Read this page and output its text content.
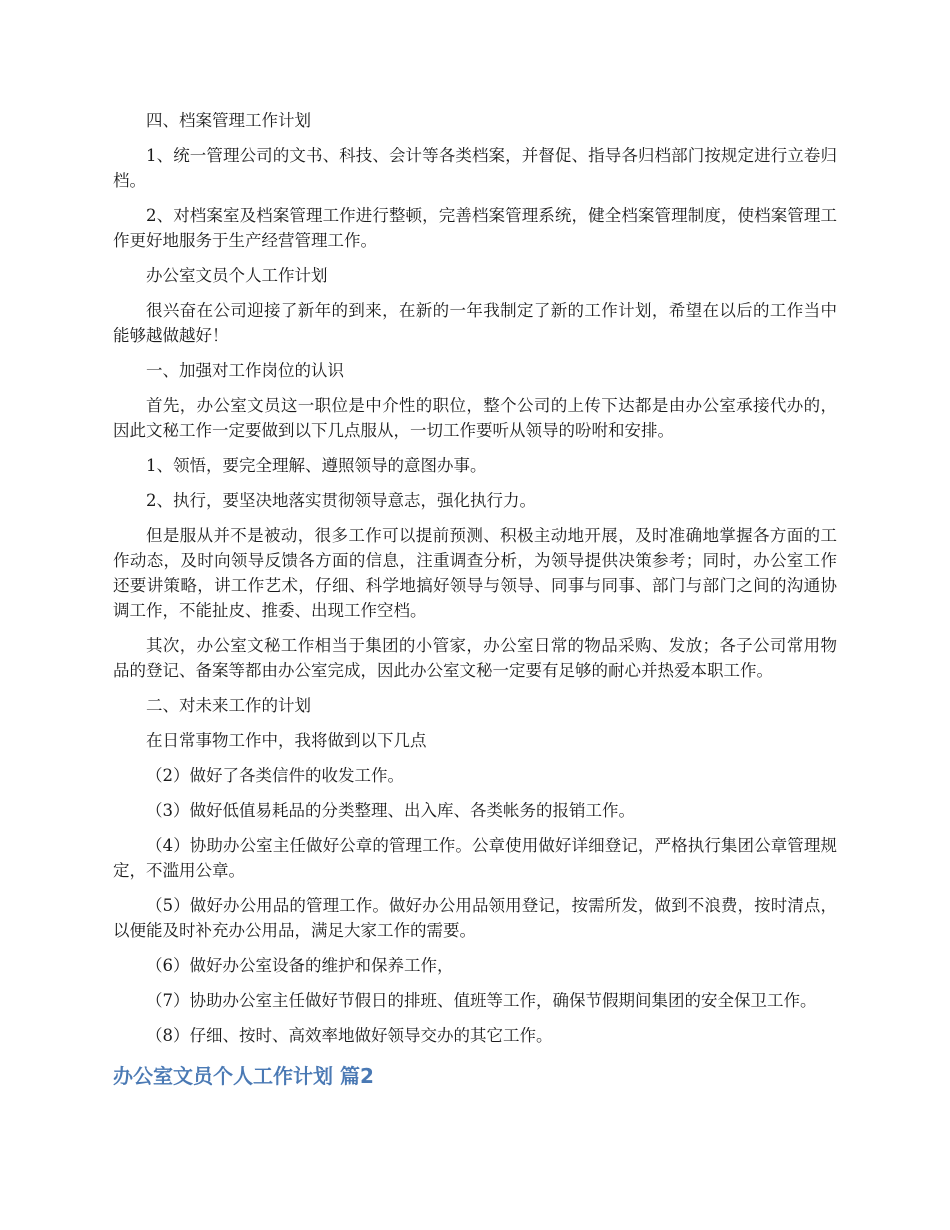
四、档案管理工作计划

1、统一管理公司的文书、科技、会计等各类档案，并督促、指导各归档部门按规定进行立卷归档。

2、对档案室及档案管理工作进行整顿，完善档案管理系统，健全档案管理制度，使档案管理工作更好地服务于生产经营管理工作。

办公室文员个人工作计划

很兴奋在公司迎接了新年的到来，在新的一年我制定了新的工作计划，希望在以后的工作当中能够越做越好！

一、加强对工作岗位的认识

首先，办公室文员这一职位是中介性的职位，整个公司的上传下达都是由办公室承接代办的，因此文秘工作一定要做到以下几点服从，一切工作要听从领导的吩咐和安排。

1、领悟，要完全理解、遵照领导的意图办事。

2、执行，要坚决地落实贯彻领导意志，强化执行力。

但是服从并不是被动，很多工作可以提前预测、积极主动地开展，及时准确地掌握各方面的工作动态，及时向领导反馈各方面的信息，注重调查分析，为领导提供决策参考；同时，办公室工作还要讲策略，讲工作艺术，仔细、科学地搞好领导与领导、同事与同事、部门与部门之间的沟通协调工作，不能扯皮、推委、出现工作空档。

其次，办公室文秘工作相当于集团的小管家，办公室日常的物品采购、发放；各子公司常用物品的登记、备案等都由办公室完成，因此办公室文秘一定要有足够的耐心并热爱本职工作。

二、对未来工作的计划

在日常事物工作中，我将做到以下几点

（2）做好了各类信件的收发工作。

（3）做好低值易耗品的分类整理、出入库、各类帐务的报销工作。

（4）协助办公室主任做好公章的管理工作。公章使用做好详细登记，严格执行集团公章管理规定，不滥用公章。

（5）做好办公用品的管理工作。做好办公用品领用登记，按需所发，做到不浪费，按时清点，以便能及时补充办公用品，满足大家工作的需要。

（6）做好办公室设备的维护和保养工作，

（7）协助办公室主任做好节假日的排班、值班等工作，确保节假期间集团的安全保卫工作。

（8）仔细、按时、高效率地做好领导交办的其它工作。

办公室文员个人工作计划 篇2
